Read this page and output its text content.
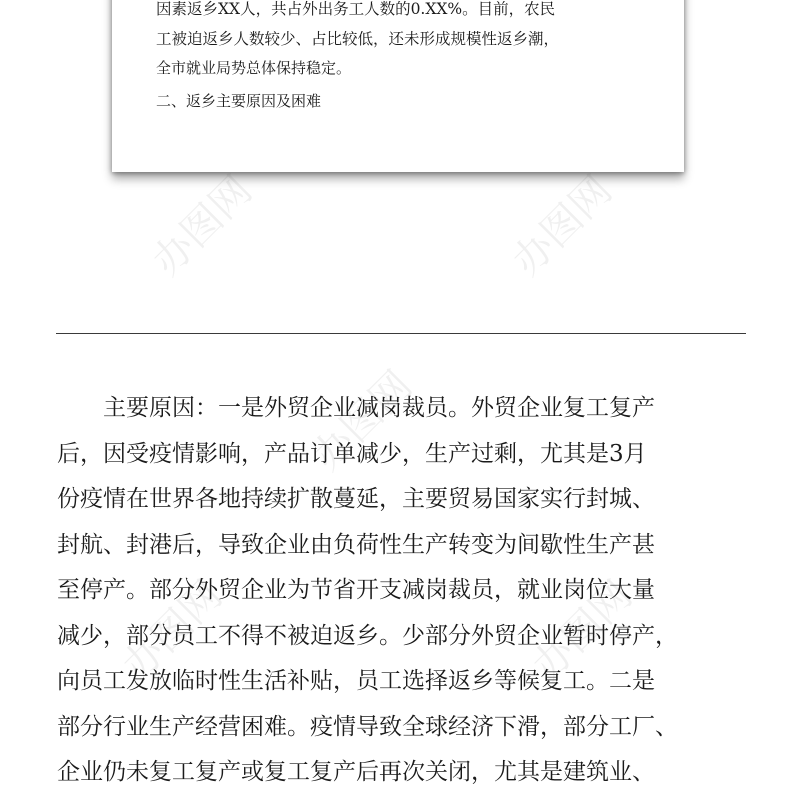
办图网	办图网
办图网
办图网	办图网
因素返乡XX人，共占外出务工人数的0.XX%。目前，农民
工被迫返乡人数较少、占比较低，还未形成规模性返乡潮，
全市就业局势总体保持稳定。
二、返乡主要原因及困难
　　主要原因：一是外贸企业减岗裁员。外贸企业复工复产
后，因受疫情影响，产品订单减少，生产过剩，尤其是3月
份疫情在世界各地持续扩散蔓延，主要贸易国家实行封城、
封航、封港后，导致企业由负荷性生产转变为间歇性生产甚
至停产。部分外贸企业为节省开支减岗裁员，就业岗位大量
减少，部分员工不得不被迫返乡。少部分外贸企业暂时停产，
向员工发放临时性生活补贴，员工选择返乡等候复工。二是
部分行业生产经营困难。疫情导致全球经济下滑，部分工厂、
企业仍未复工复产或复工复产后再次关闭，尤其是建筑业、
